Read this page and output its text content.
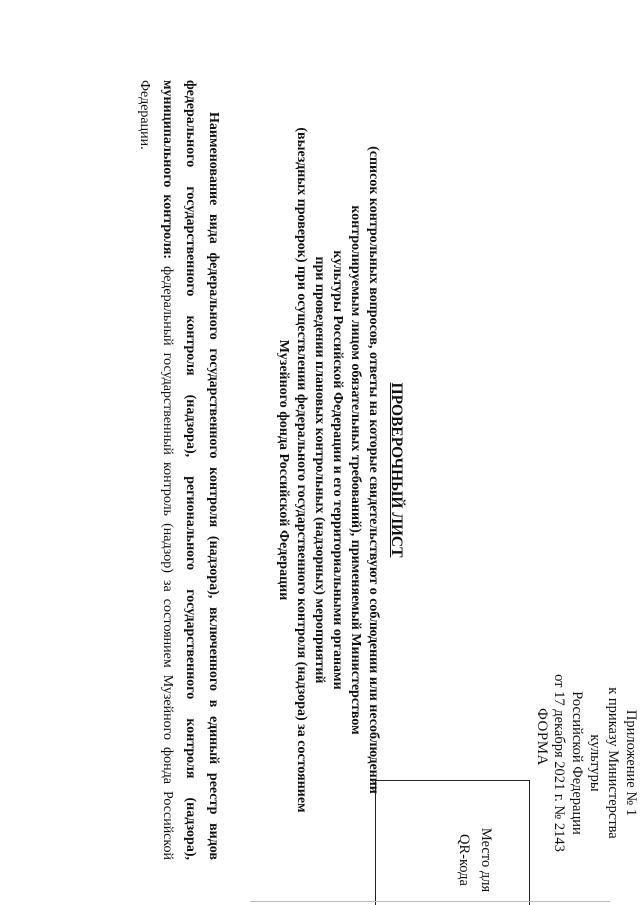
Приложение № 1
к приказу Министерства культуры
Российской Федерации
от 17 декабря 2021 г. № 2143
ФОРМА
Место для
QR-кода
ПРОВЕРОЧНЫЙ ЛИСТ
(список контрольных вопросов, ответы на которые свидетельствуют о соблюдении или несоблюдении
контролируемым лицом обязательных требований), применяемый Министерством
культуры Российской Федерации и его территориальными органами
при проведении плановых контрольных (надзорных) мероприятий
(выездных проверок) при осуществлении федерального государственного контроля (надзора) за состоянием
Музейного фонда Российской Федерации
Наименование вида федерального государственного контроля (надзора), включенного в единый реестр видов федерального государственного контроля (надзора), регионального государственного контроля (надзора), муниципального контроля: федеральный государственный контроль (надзор) за состоянием Музейного фонда Российской Федерации.
